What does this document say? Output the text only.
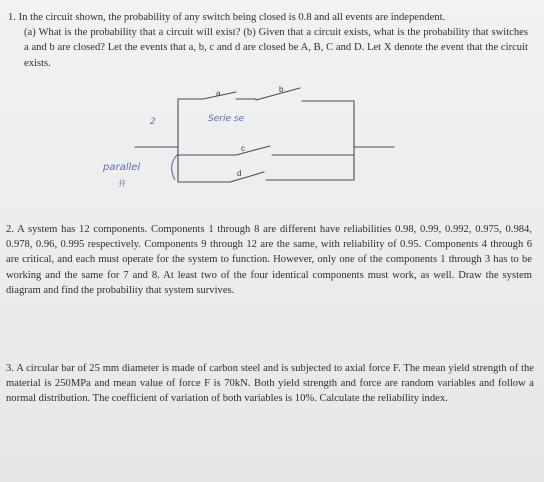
1. In the circuit shown, the probability of any switch being closed is 0.8 and all events are independent.
(a) What is the probability that a circuit will exist? (b) Given that a circuit exists, what is the probability that switches a and b are closed? Let the events that a, b, c and d are closed be A, B, C and D. Let X denote the event that the circuit exists.

a	b
c
d
Serie se
2
parallel
并

2. A system has 12 components. Components 1 through 8 are different have reliabilities 0.98, 0.99, 0.992, 0.975, 0.984, 0.978, 0.96, 0.995 respectively. Components 9 through 12 are the same, with reliability of 0.95. Components 4 through 6 are critical, and each must operate for the system to function. However, only one of the components 1 through 3 has to be working and the same for 7 and 8. At least two of the four identical components must work, as well. Draw the system diagram and find the probability that system survives.

3. A circular bar of 25 mm diameter is made of carbon steel and is subjected to axial force F. The mean yield strength of the material is 250MPa and mean value of force F is 70kN. Both yield strength and force are random variables and follow a normal distribution. The coefficient of variation of both variables is 10%. Calculate the reliability index.
